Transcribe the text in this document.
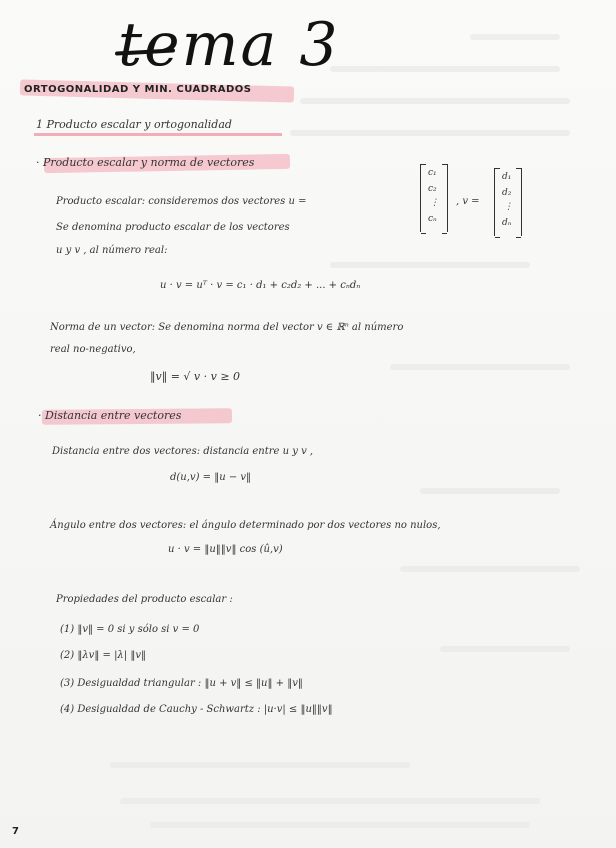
tema 3
ORTOGONALIDAD Y MIN. CUADRADOS
1 Producto escalar y ortogonalidad
· Producto escalar y norma de vectores
Producto escalar: consideremos dos vectores u =	, v =
Se denomina producto escalar de los vectores
u y v , al número real:
c₁
c₂
⋮
cₙ
d₁
d₂
⋮
dₙ
u · v = uᵀ · v = c₁ · d₁ + c₂d₂ + ... + cₙdₙ
Norma de un vector: Se denomina norma del vector v ∈ ℝⁿ al número
real no-negativo,
‖v‖ = √ v · v ≥ 0
· Distancia entre vectores
Distancia entre dos vectores: distancia entre u y v ,
d(u,v) = ‖u − v‖
Ángulo entre dos vectores: el ángulo determinado por dos vectores no nulos,
u · v = ‖u‖‖v‖ cos (û,v)
Propiedades del producto escalar :
(1) ‖v‖ = 0 si y sólo si v = 0
(2) ‖λv‖ = |λ| ‖v‖
(3) Desigualdad triangular : ‖u + v‖ ≤ ‖u‖ + ‖v‖
(4) Desigualdad de Cauchy - Schwartz : |u·v| ≤ ‖u‖‖v‖
7
